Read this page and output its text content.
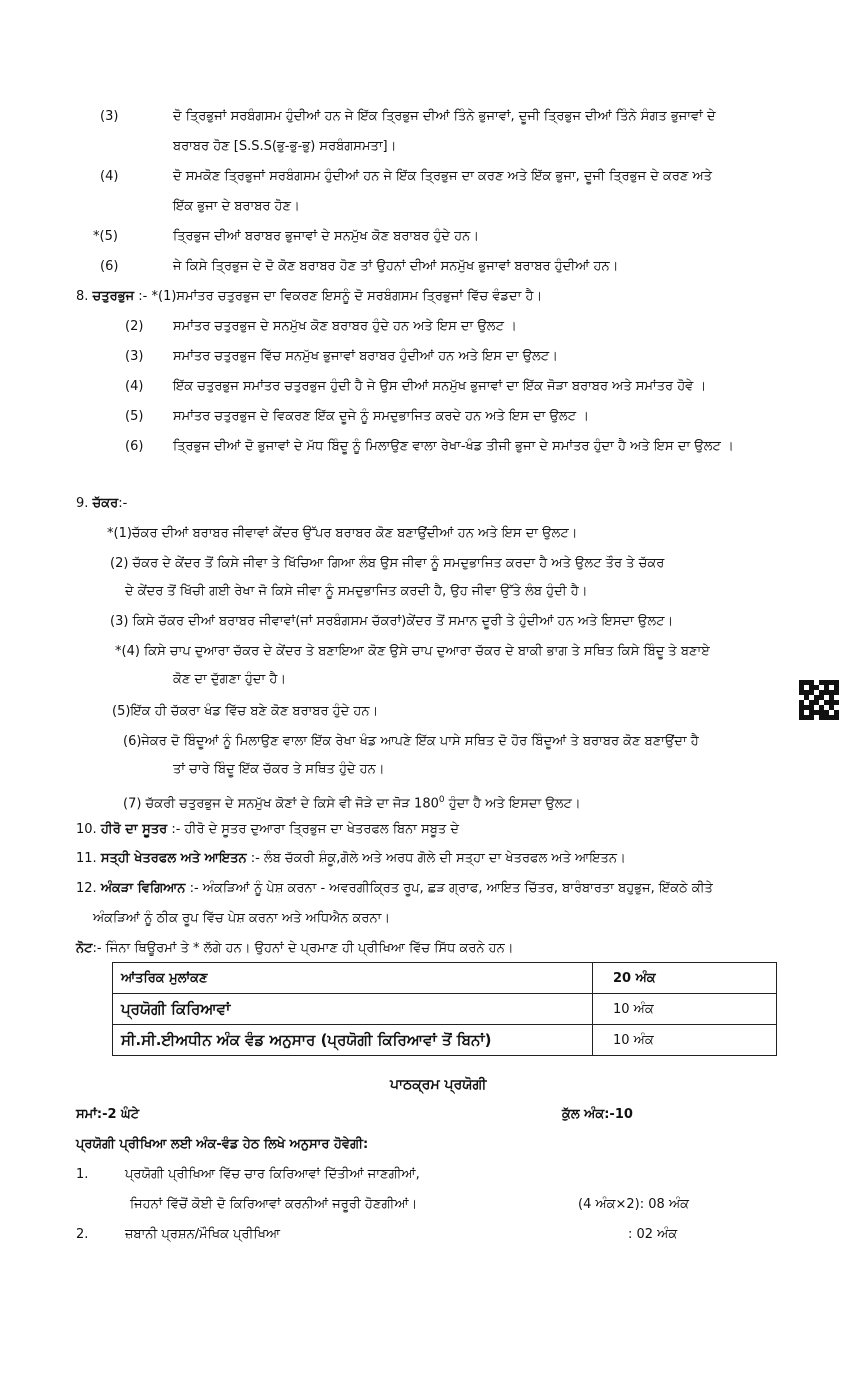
(3)	ਦੋ ਤ੍ਰਿਭੁਜਾਂ ਸਰਬੰਗਸਮ ਹੁੰਦੀਆਂ ਹਨ ਜੇ ਇੱਕ ਤ੍ਰਿਭੁਜ ਦੀਆਂ ਤਿੰਨੇ ਭੁਜਾਵਾਂ, ਦੂਜੀ ਤ੍ਰਿਭੁਜ ਦੀਆਂ ਤਿੰਨੇ ਸੰਗਤ ਭੁਜਾਵਾਂ ਦੇ
ਬਰਾਬਰ ਹੋਣ [S.S.S(ਭੁ-ਭੁ-ਭੁ) ਸਰਬੰਗਸਮਤਾ]।
(4)	ਦੋ ਸਮਕੋਣ ਤ੍ਰਿਭੁਜਾਂ ਸਰਬੰਗਸਮ ਹੁੰਦੀਆਂ ਹਨ ਜੇ ਇੱਕ ਤ੍ਰਿਭੁਜ ਦਾ ਕਰਣ ਅਤੇ ਇੱਕ ਭੁਜਾ, ਦੂਜੀ ਤ੍ਰਿਭੁਜ ਦੇ ਕਰਣ ਅਤੇ
ਇੱਕ ਭੁਜਾ ਦੇ ਬਰਾਬਰ ਹੋਣ।
*(5)	ਤ੍ਰਿਭੁਜ ਦੀਆਂ ਬਰਾਬਰ ਭੁਜਾਵਾਂ ਦੇ ਸਨਮੁੱਖ ਕੋਣ ਬਰਾਬਰ ਹੁੰਦੇ ਹਨ।
(6)	ਜੇ ਕਿਸੇ ਤ੍ਰਿਭੁਜ ਦੇ ਦੋ ਕੋਣ ਬਰਾਬਰ ਹੋਣ ਤਾਂ ਉਹਨਾਂ ਦੀਆਂ ਸਨਮੁੱਖ ਭੁਜਾਵਾਂ ਬਰਾਬਰ ਹੁੰਦੀਆਂ ਹਨ।
8. ਚਤੁਰਭੁਜ :- *(1)ਸਮਾਂਤਰ ਚਤੁਰਭੁਜ ਦਾ ਵਿਕਰਣ ਇਸਨੂੰ ਦੋ ਸਰਬੰਗਸਮ ਤ੍ਰਿਭੁਜਾਂ ਵਿੱਚ ਵੰਡਦਾ ਹੈ।
(2) ਸਮਾਂਤਰ ਚਤੁਰਭੁਜ ਦੇ ਸਨਮੁੱਖ ਕੋਣ ਬਰਾਬਰ ਹੁੰਦੇ ਹਨ ਅਤੇ ਇਸ ਦਾ ਉਲਟ ।
(3) ਸਮਾਂਤਰ ਚਤੁਰਭੁਜ ਵਿੱਚ ਸਨਮੁੱਖ ਭੁਜਾਵਾਂ ਬਰਾਬਰ ਹੁੰਦੀਆਂ ਹਨ ਅਤੇ ਇਸ ਦਾ ਉਲਟ।
(4) ਇੱਕ ਚਤੁਰਭੁਜ ਸਮਾਂਤਰ ਚਤੁਰਭੁਜ ਹੁੰਦੀ ਹੈ ਜੇ ਉਸ ਦੀਆਂ ਸਨਮੁੱਖ ਭੁਜਾਵਾਂ ਦਾ ਇੱਕ ਜੋੜਾ ਬਰਾਬਰ ਅਤੇ ਸਮਾਂਤਰ ਹੋਵੇ ।
(5) ਸਮਾਂਤਰ ਚਤੁਰਭੁਜ ਦੇ ਵਿਕਰਣ ਇੱਕ ਦੂਜੇ ਨੂੰ ਸਮਦੁਭਾਜਿਤ ਕਰਦੇ ਹਨ ਅਤੇ ਇਸ ਦਾ ਉਲਟ ।
(6) ਤ੍ਰਿਭੁਜ ਦੀਆਂ ਦੋ ਭੁਜਾਵਾਂ ਦੇ ਮੱਧ ਬਿੰਦੂ ਨੂੰ ਮਿਲਾਉਣ ਵਾਲਾ ਰੇਖਾ-ਖੰਡ ਤੀਜੀ ਭੁਜਾ ਦੇ ਸਮਾਂਤਰ ਹੁੰਦਾ ਹੈ ਅਤੇ ਇਸ ਦਾ ਉਲਟ ।
9. ਚੱਕਰ:-
*(1)ਚੱਕਰ ਦੀਆਂ ਬਰਾਬਰ ਜੀਵਾਵਾਂ ਕੇਂਦਰ ਉੱਪਰ ਬਰਾਬਰ ਕੋਣ ਬਣਾਉਂਦੀਆਂ ਹਨ ਅਤੇ ਇਸ ਦਾ ਉਲਟ।
(2) ਚੱਕਰ ਦੇ ਕੇਂਦਰ ਤੋਂ ਕਿਸੇ ਜੀਵਾ ਤੇ ਖਿੱਚਿਆ ਗਿਆ ਲੰਬ ਉਸ ਜੀਵਾ ਨੂੰ ਸਮਦੁਭਾਜਿਤ ਕਰਦਾ ਹੈ ਅਤੇ ਉਲਟ ਤੌਰ ਤੇ ਚੱਕਰ
ਦੇ ਕੇਂਦਰ ਤੋਂ ਖਿੱਚੀ ਗਈ ਰੇਖਾ ਜੋ ਕਿਸੇ ਜੀਵਾ ਨੂੰ ਸਮਦੁਭਾਜਿਤ ਕਰਦੀ ਹੈ, ਉਹ ਜੀਵਾ ਉੱਤੇ ਲੰਬ ਹੁੰਦੀ ਹੈ।
(3) ਕਿਸੇ ਚੱਕਰ ਦੀਆਂ ਬਰਾਬਰ ਜੀਵਾਵਾਂ(ਜਾਂ ਸਰਬੰਗਸਮ ਚੱਕਰਾਂ)ਕੇਂਦਰ ਤੋਂ ਸਮਾਨ ਦੂਰੀ ਤੇ ਹੁੰਦੀਆਂ ਹਨ ਅਤੇ ਇਸਦਾ ਉਲਟ।
*(4) ਕਿਸੇ ਚਾਪ ਦੁਆਰਾ ਚੱਕਰ ਦੇ ਕੇਂਦਰ ਤੇ ਬਣਾਇਆ ਕੋਣ ਉਸੇ ਚਾਪ ਦੁਆਰਾ ਚੱਕਰ ਦੇ ਬਾਕੀ ਭਾਗ ਤੇ ਸਥਿਤ ਕਿਸੇ ਬਿੰਦੂ ਤੇ ਬਣਾਏ
ਕੋਣ ਦਾ ਦੁੱਗਣਾ ਹੁੰਦਾ ਹੈ।
(5)ਇੱਕ ਹੀ ਚੱਕਰਾ ਖੰਡ ਵਿੱਚ ਬਣੇ ਕੋਣ ਬਰਾਬਰ ਹੁੰਦੇ ਹਨ।
(6)ਜੇਕਰ ਦੋ ਬਿੰਦੂਆਂ ਨੂੰ ਮਿਲਾਉਣ ਵਾਲਾ ਇੱਕ ਰੇਖਾ ਖੰਡ ਆਪਣੇ ਇੱਕ ਪਾਸੇ ਸਥਿਤ ਦੋ ਹੋਰ ਬਿੰਦੂਆਂ ਤੇ ਬਰਾਬਰ ਕੋਣ ਬਣਾਉਂਦਾ ਹੈ
ਤਾਂ ਚਾਰੇ ਬਿੰਦੂ ਇੱਕ ਚੱਕਰ ਤੇ ਸਥਿਤ ਹੁੰਦੇ ਹਨ।
(7) ਚੱਕਰੀ ਚਤੁਰਭੁਜ ਦੇ ਸਨਮੁੱਖ ਕੋਣਾਂ ਦੇ ਕਿਸੇ ਵੀ ਜੋੜੇ ਦਾ ਜੋੜ $180^0$ ਹੁੰਦਾ ਹੈ ਅਤੇ ਇਸਦਾ ਉਲਟ।
10. ਹੀਰੋ ਦਾ ਸੂਤਰ :- ਹੀਰੋ ਦੇ ਸੂਤਰ ਦੁਆਰਾ ਤ੍ਰਿਭੁਜ ਦਾ ਖੇਤਰਫਲ ਬਿਨਾ ਸਬੂਤ ਦੇ
11. ਸਤ੍ਹੀ ਖੇਤਰਫਲ ਅਤੇ ਆਇਤਨ :- ਲੰਬ ਚੱਕਰੀ ਸ਼ੰਕੂ,ਗੋਲੇ ਅਤੇ ਅਰਧ ਗੋਲੇ ਦੀ ਸਤ੍ਹਾ ਦਾ ਖੇਤਰਫਲ ਅਤੇ ਆਇਤਨ।
12. ਅੰਕੜਾ ਵਿਗਿਆਨ :- ਅੰਕੜਿਆਂ ਨੂੰ ਪੇਸ਼ ਕਰਨਾ - ਅਵਰਗੀਕ੍ਰਿਤ ਰੂਪ, ਛੜ ਗ੍ਰਾਫ, ਆਇਤ ਚਿੱਤਰ, ਬਾਰੰਬਾਰਤਾ ਬਹੁਭੁਜ, ਇੱਕਠੇ ਕੀਤੇ
ਅੰਕੜਿਆਂ ਨੂੰ ਠੀਕ ਰੂਪ ਵਿੱਚ ਪੇਸ਼ ਕਰਨਾ ਅਤੇ ਅਧਿਐਨ ਕਰਨਾ।
ਨੋਟ:- ਜਿੰਨਾ ਥਿਊਰਮਾਂ ਤੇ * ਲੱਗੇ ਹਨ। ਉਹਨਾਂ ਦੇ ਪ੍ਰਮਾਣ ਹੀ ਪ੍ਰੀਖਿਆ ਵਿੱਚ ਸਿੱਧ ਕਰਨੇ ਹਨ।
ਆਂਤਰਿਕ ਮੁਲਾਂਕਣ	20 ਅੰਕ
ਪ੍ਰਯੋਗੀ ਕਿਰਿਆਵਾਂ	10 ਅੰਕ
ਸੀ.ਸੀ.ਈਅਧੀਨ ਅੰਕ ਵੰਡ ਅਨੁਸਾਰ (ਪ੍ਰਯੋਗੀ ਕਿਰਿਆਵਾਂ ਤੋਂ ਬਿਨਾਂ)	10 ਅੰਕ
ਪਾਠਕ੍ਰਮ ਪ੍ਰਯੋਗੀ
ਸਮਾਂ:-2 ਘੰਟੇ	ਕੁੱਲ ਅੰਕ:-10
ਪ੍ਰਯੋਗੀ ਪ੍ਰੀਖਿਆ ਲਈ ਅੰਕ-ਵੰਡ ਹੇਠ ਲਿਖੇ ਅਨੁਸਾਰ ਹੋਵੇਗੀ:
1.	ਪ੍ਰਯੋਗੀ ਪ੍ਰੀਖਿਆ ਵਿੱਚ ਚਾਰ ਕਿਰਿਆਵਾਂ ਦਿੱਤੀਆਂ ਜਾਣਗੀਆਂ,
ਜਿਹਨਾਂ ਵਿੱਚੋਂ ਕੋਈ ਦੋ ਕਿਰਿਆਵਾਂ ਕਰਨੀਆਂ ਜਰੂਰੀ ਹੋਣਗੀਆਂ।	(4 ਅੰਕ×2): 08 ਅੰਕ
2.	ਜ਼ਬਾਨੀ ਪ੍ਰਸ਼ਨ/ਮੌਖਿਕ ਪ੍ਰੀਖਿਆ	: 02 ਅੰਕ
